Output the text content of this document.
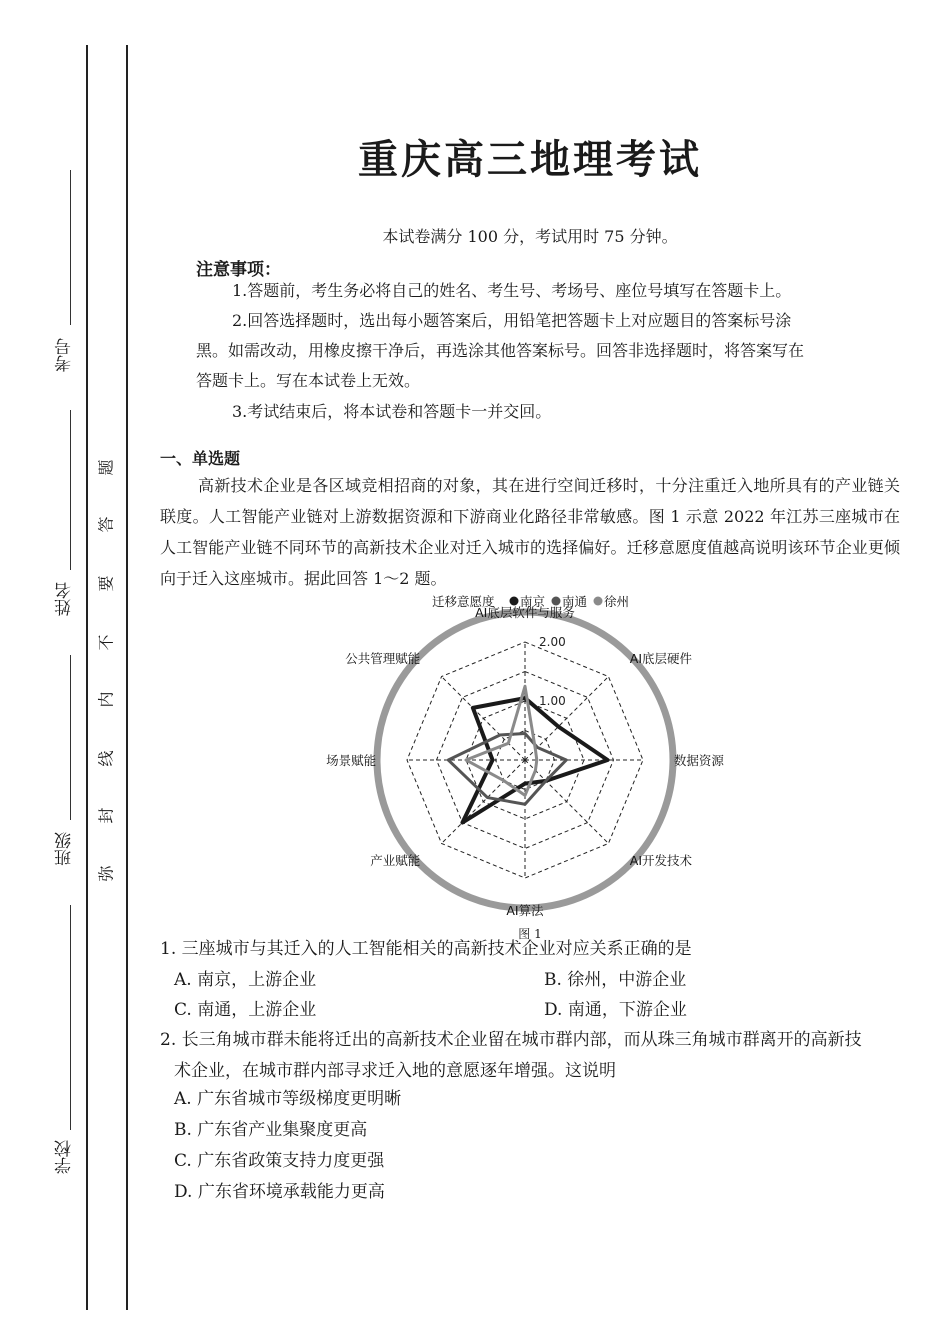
考号
姓名
班级
学校
题
答
要
不
内
线
封
弥
重庆高三地理考试
本试卷满分 100 分，考试用时 75 分钟。
注意事项：
1.答题前，考生务必将自己的姓名、考生号、考场号、座位号填写在答题卡上。
2.回答选择题时，选出每小题答案后，用铅笔把答题卡上对应题目的答案标号涂
黑。如需改动，用橡皮擦干净后，再选涂其他答案标号。回答非选择题时，将答案写在
答题卡上。写在本试卷上无效。
3.考试结束后，将本试卷和答题卡一并交回。
一、单选题
高新技术企业是各区域竞相招商的对象，其在进行空间迁移时，十分注重迁入地所具有的产业链关联度。人工智能产业链对上游数据资源和下游商业化路径非常敏感。图 1 示意 2022 年江苏三座城市在人工智能产业链不同环节的高新技术企业对迁入城市的选择偏好。迁移意愿度值越高说明该环节企业更倾向于迁入这座城市。据此回答 1～2 题。
2.00
1.00
AI底层软件与服务
AI底层硬件
数据资源
AI开发技术
AI算法
产业赋能
场景赋能
公共管理赋能
迁移意愿度 南京 南通 徐州
图 1
1. 三座城市与其迁入的人工智能相关的高新技术企业对应关系正确的是
A. 南京，上游企业	B. 徐州，中游企业
C. 南通，上游企业	D. 南通，下游企业
2. 长三角城市群未能将迁出的高新技术企业留在城市群内部，而从珠三角城市群离开的高新技
术企业，在城市群内部寻求迁入地的意愿逐年增强。这说明
A. 广东省城市等级梯度更明晰
B. 广东省产业集聚度更高
C. 广东省政策支持力度更强
D. 广东省环境承载能力更高
